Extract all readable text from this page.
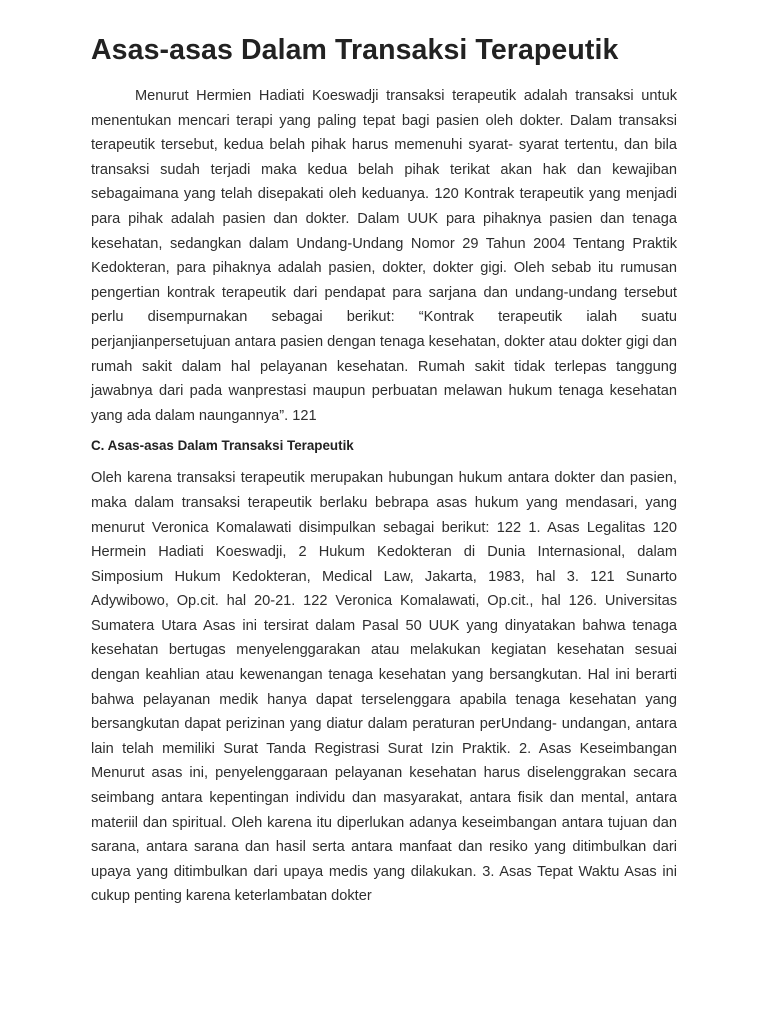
Asas-asas Dalam Transaksi Terapeutik

Menurut Hermien Hadiati Koeswadji transaksi terapeutik adalah transaksi untuk menentukan mencari terapi yang paling tepat bagi pasien oleh dokter. Dalam transaksi terapeutik tersebut, kedua belah pihak harus memenuhi syarat- syarat tertentu, dan bila transaksi sudah terjadi maka kedua belah pihak terikat akan hak dan kewajiban sebagaimana yang telah disepakati oleh keduanya. 120 Kontrak terapeutik yang menjadi para pihak adalah pasien dan dokter. Dalam UUK para pihaknya pasien dan tenaga kesehatan, sedangkan dalam Undang-Undang Nomor 29 Tahun 2004 Tentang Praktik Kedokteran, para pihaknya adalah pasien, dokter, dokter gigi. Oleh sebab itu rumusan pengertian kontrak terapeutik dari pendapat para sarjana dan undang-undang tersebut perlu disempurnakan sebagai berikut: “Kontrak terapeutik ialah suatu perjanjianpersetujuan antara pasien dengan tenaga kesehatan, dokter atau dokter gigi dan rumah sakit dalam hal pelayanan kesehatan. Rumah sakit tidak terlepas tanggung jawabnya dari pada wanprestasi maupun perbuatan melawan hukum tenaga kesehatan yang ada dalam naungannya”. 121

C. Asas-asas Dalam Transaksi Terapeutik

Oleh karena transaksi terapeutik merupakan hubungan hukum antara dokter dan pasien, maka dalam transaksi terapeutik berlaku bebrapa asas hukum yang mendasari, yang menurut Veronica Komalawati disimpulkan sebagai berikut: 122 1. Asas Legalitas 120 Hermein Hadiati Koeswadji, 2 Hukum Kedokteran di Dunia Internasional, dalam Simposium Hukum Kedokteran, Medical Law, Jakarta, 1983, hal 3. 121 Sunarto Adywibowo, Op.cit. hal 20-21. 122 Veronica Komalawati, Op.cit., hal 126. Universitas Sumatera Utara Asas ini tersirat dalam Pasal 50 UUK yang dinyatakan bahwa tenaga kesehatan bertugas menyelenggarakan atau melakukan kegiatan kesehatan sesuai dengan keahlian atau kewenangan tenaga kesehatan yang bersangkutan. Hal ini berarti bahwa pelayanan medik hanya dapat terselenggara apabila tenaga kesehatan yang bersangkutan dapat perizinan yang diatur dalam peraturan perUndang- undangan, antara lain telah memiliki Surat Tanda Registrasi Surat Izin Praktik. 2. Asas Keseimbangan Menurut asas ini, penyelenggaraan pelayanan kesehatan harus diselenggrakan secara seimbang antara kepentingan individu dan masyarakat, antara fisik dan mental, antara materiil dan spiritual. Oleh karena itu diperlukan adanya keseimbangan antara tujuan dan sarana, antara sarana dan hasil serta antara manfaat dan resiko yang ditimbulkan dari upaya yang ditimbulkan dari upaya medis yang dilakukan. 3. Asas Tepat Waktu Asas ini cukup penting karena keterlambatan dokter
